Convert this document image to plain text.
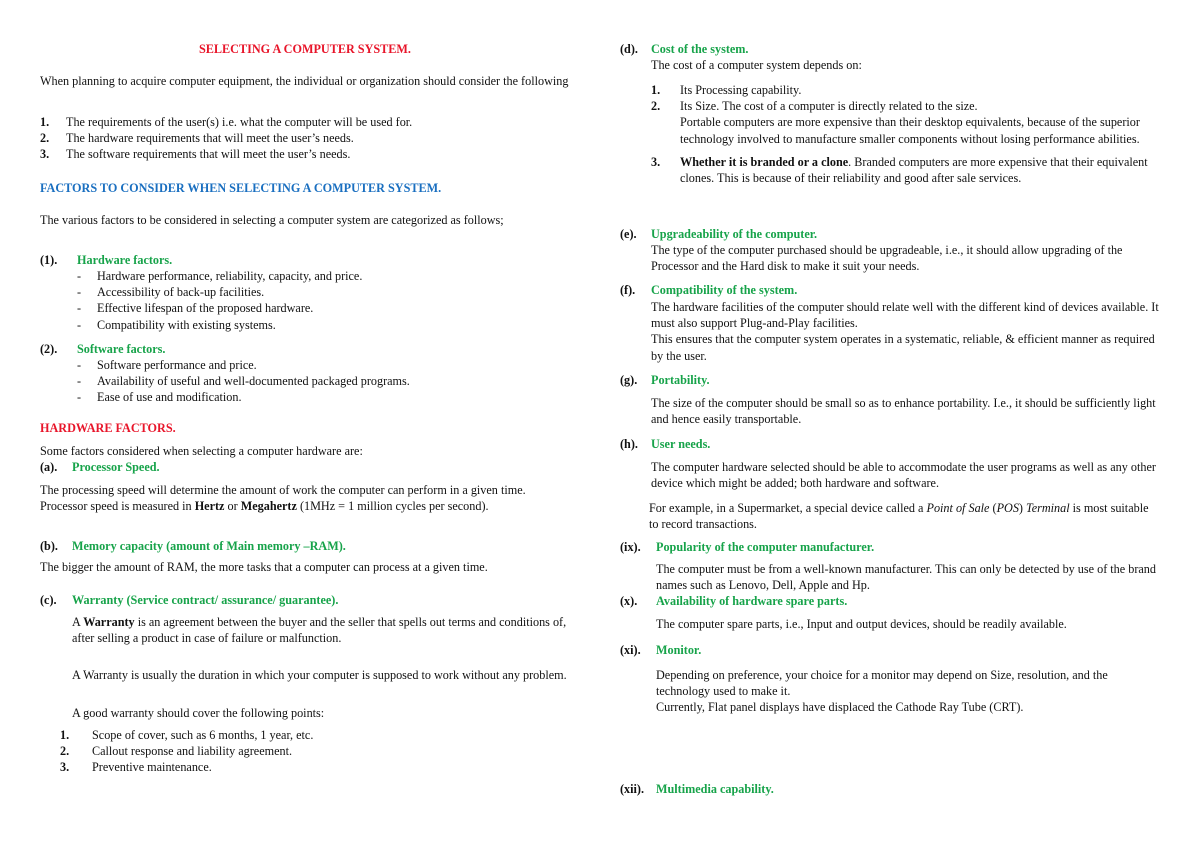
SELECTING A COMPUTER SYSTEM.
When planning to acquire computer equipment, the individual or organization should consider the following
1.	The requirements of the user(s) i.e. what the computer will be used for.
2.	The hardware requirements that will meet the user’s needs.
3.	The software requirements that will meet the user’s needs.
FACTORS TO CONSIDER WHEN SELECTING A COMPUTER SYSTEM.
The various factors to be considered in selecting a computer system are categorized as follows;
(1). Hardware factors.
-	Hardware performance, reliability, capacity, and price.
-	Accessibility of back-up facilities.
-	Effective lifespan of the proposed hardware.
-	Compatibility with existing systems.
(2). Software factors.
-	Software performance and price.
-	Availability of useful and well-documented packaged programs.
-	Ease of use and modification.
HARDWARE FACTORS.
Some factors considered when selecting a computer hardware are:
(a). Processor Speed.
The processing speed will determine the amount of work the computer can perform in a given time. Processor speed is measured in Hertz or Megahertz (1MHz = 1 million cycles per second).
(b). Memory capacity (amount of Main memory –RAM).
The bigger the amount of RAM, the more tasks that a computer can process at a given time.
(c). Warranty (Service contract/ assurance/ guarantee).
A Warranty is an agreement between the buyer and the seller that spells out terms and conditions of, after selling a product in case of failure or malfunction.
A Warranty is usually the duration in which your computer is supposed to work without any problem.
A good warranty should cover the following points:
1.	Scope of cover, such as 6 months, 1 year, etc.
2.	Callout response and liability agreement.
3.	Preventive maintenance.
(d). Cost of the system.
The cost of a computer system depends on:
1.	Its Processing capability.
2.	Its Size. The cost of a computer is directly related to the size.
Portable computers are more expensive than their desktop equivalents, because of the superior technology involved to manufacture smaller components without losing performance abilities.
3.	Whether it is branded or a clone. Branded computers are more expensive that their equivalent clones. This is because of their reliability and good after sale services.
(e). Upgradeability of the computer.
The type of the computer purchased should be upgradeable, i.e., it should allow upgrading of the Processor and the Hard disk to make it suit your needs.
(f). Compatibility of the system.
The hardware facilities of the computer should relate well with the different kind of devices available. It must also support Plug-and-Play facilities.
This ensures that the computer system operates in a systematic, reliable, & efficient manner as required by the user.
(g). Portability.
The size of the computer should be small so as to enhance portability. I.e., it should be sufficiently light and hence easily transportable.
(h). User needs.
The computer hardware selected should be able to accommodate the user programs as well as any other device which might be added; both hardware and software.
For example, in a Supermarket, a special device called a Point of Sale (POS) Terminal is most suitable to record transactions.
(ix). Popularity of the computer manufacturer.
The computer must be from a well-known manufacturer. This can only be detected by use of the brand names such as Lenovo, Dell, Apple and Hp.
(x). Availability of hardware spare parts.
The computer spare parts, i.e., Input and output devices, should be readily available.
(xi). Monitor.
Depending on preference, your choice for a monitor may depend on Size, resolution, and the technology used to make it.
Currently, Flat panel displays have displaced the Cathode Ray Tube (CRT).
(xii). Multimedia capability.
